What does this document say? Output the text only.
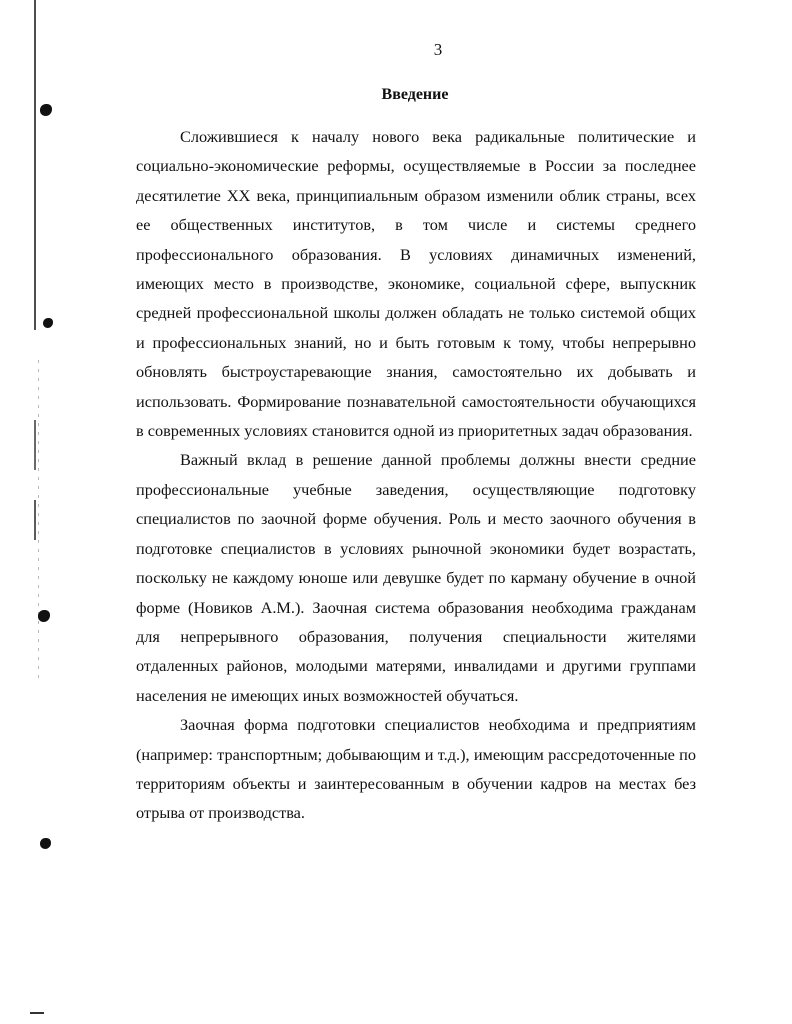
3
Введение

Сложившиеся к началу нового века радикальные политические и социально-экономические реформы, осуществляемые в России за последнее десятилетие XX века, принципиальным образом изменили облик страны, всех ее общественных институтов, в том числе и системы среднего профессионального образования. В условиях динамичных изменений, имеющих место в производстве, экономике, социальной сфере, выпускник средней профессиональной школы должен обладать не только системой общих и профессиональных знаний, но и быть готовым к тому, чтобы непрерывно обновлять быстроустаревающие знания, самостоятельно их добывать и использовать. Формирование познавательной самостоятельности обучающихся в современных условиях становится одной из приоритетных задач образования.

Важный вклад в решение данной проблемы должны внести средние профессиональные учебные заведения, осуществляющие подготовку специалистов по заочной форме обучения. Роль и место заочного обучения в подготовке специалистов в условиях рыночной экономики будет возрастать, поскольку не каждому юноше или девушке будет по карману обучение в очной форме (Новиков А.М.). Заочная система образования необходима гражданам для непрерывного образования, получения специальности жителями отдаленных районов, молодыми матерями, инвалидами и другими группами населения не имеющих иных возможностей обучаться.

Заочная форма подготовки специалистов необходима и предприятиям (например: транспортным; добывающим и т.д.), имеющим рассредоточенные по территориям объекты и заинтересованным в обучении кадров на местах без отрыва от производства.
